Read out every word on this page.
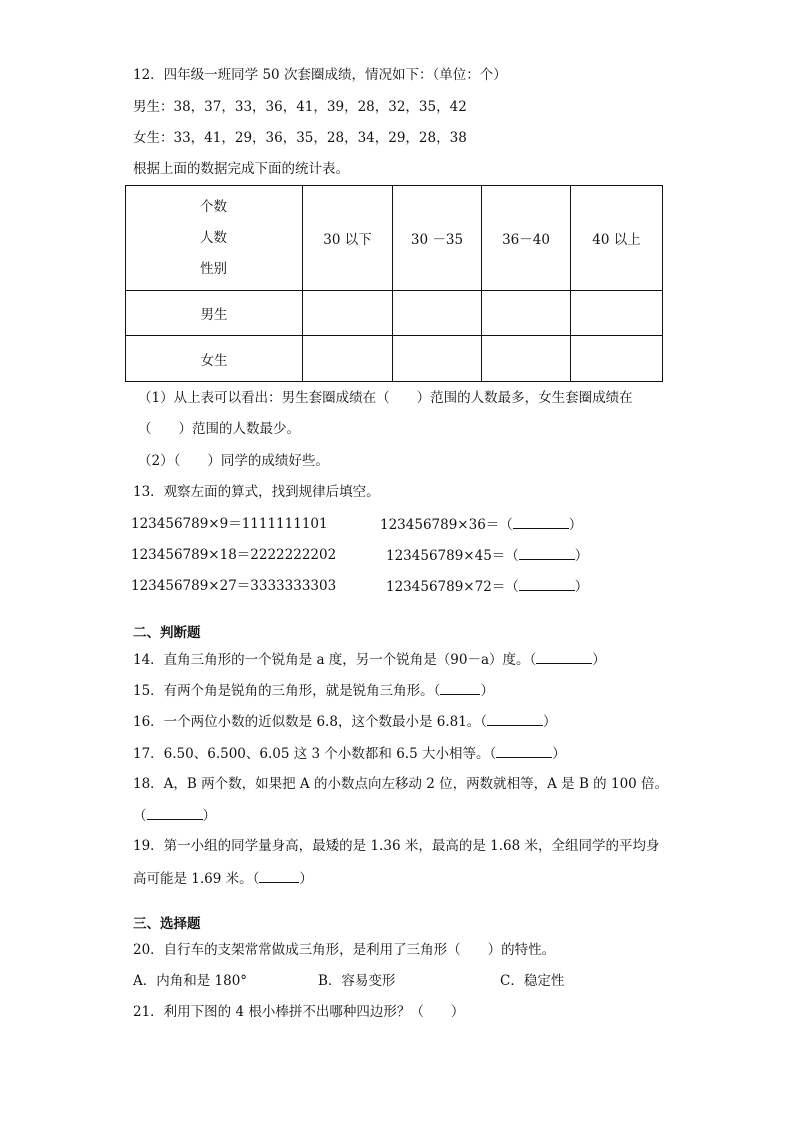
12．四年级一班同学 50 次套圈成绩，情况如下：（单位：个）
男生：38，37，33，36，41，39，28，32，35，42
女生：33，41，29，36，35，28，34，29，28，38
根据上面的数据完成下面的统计表。
个数
人数
性别	30 以下	30 －35	36－40	40 以上
男生				
女生				
（1）从上表可以看出：男生套圈成绩在（　　）范围的人数最多，女生套圈成绩在
（　　）范围的人数最少。
（2）（　　）同学的成绩好些。
13．观察左面的算式，找到规律后填空。
123456789×9＝1111111101
123456789×18＝2222222202
123456789×27＝3333333303
123456789×36＝（	）
123456789×45＝（	）
123456789×72＝（	）
二、判断题
14．直角三角形的一个锐角是 a 度，另一个锐角是（90－a）度。（	）
15．有两个角是锐角的三角形，就是锐角三角形。（	）
16．一个两位小数的近似数是 6.8，这个数最小是 6.81。（	）
17．6.50、6.500、6.05 这 3 个小数都和 6.5 大小相等。（	）
18．A，B 两个数，如果把 A 的小数点向左移动 2 位，两数就相等，A 是 B 的 100 倍。
（	）
19．第一小组的同学量身高，最矮的是 1.36 米，最高的是 1.68 米，全组同学的平均身
高可能是 1.69 米。（	）
三、选择题
20．自行车的支架常常做成三角形，是利用了三角形（　　）的特性。
A．内角和是 180°	B．容易变形	C．稳定性
21．利用下图的 4 根小棒拼不出哪种四边形？（　　）
